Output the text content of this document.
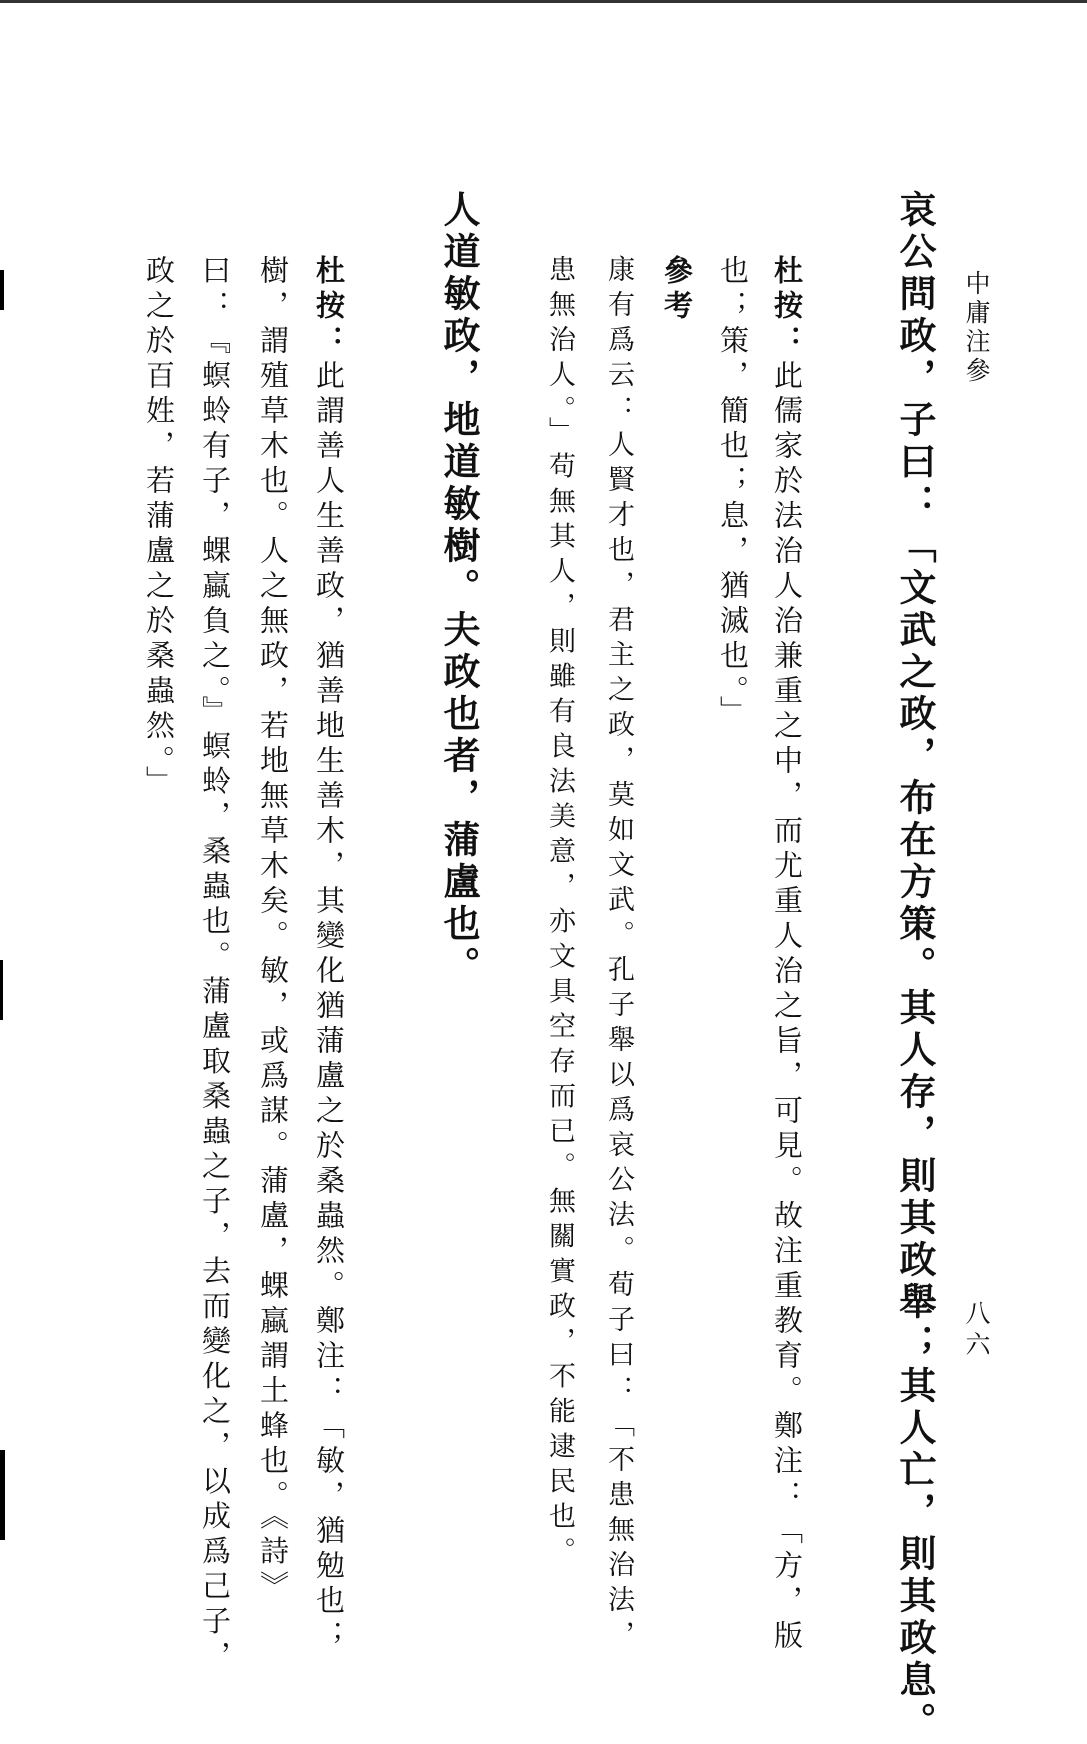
中庸注參
八六
哀公問政，子曰：「文武之政，布在方策。其人存，則其政舉；其人亡，則其政息。
杜按：此儒家於法治人治兼重之中，而尤重人治之旨，可見。故注重教育。鄭注：「方，版
也；策，簡也；息，猶滅也。」
參考
康有爲云：人賢才也，君主之政，莫如文武。孔子舉以爲哀公法。荀子曰：「不患無治法，
患無治人。」苟無其人，則雖有良法美意，亦文具空存而已。無關實政，不能逮民也。
人道敏政，地道敏樹。夫政也者，蒲盧也。
杜按：此謂善人生善政，猶善地生善木，其變化猶蒲盧之於桑蟲然。鄭注：「敏，猶勉也；
樹，謂殖草木也。人之無政，若地無草木矣。敏，或爲謀。蒲盧，蜾蠃謂土蜂也。《詩》
曰：『螟蛉有子，蜾蠃負之。』螟蛉，桑蟲也。蒲盧取桑蟲之子，去而變化之，以成爲己子，
政之於百姓，若蒲盧之於桑蟲然。」
